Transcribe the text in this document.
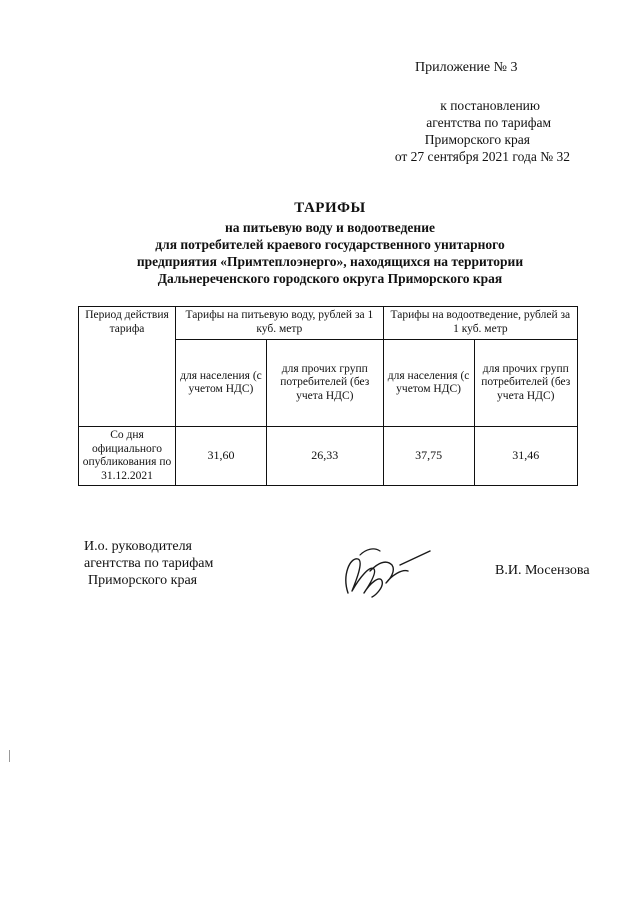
Приложение № 3
к постановлению
агентства по тарифам
Приморского края
от 27 сентября 2021 года № 32
ТАРИФЫ
на питьевую воду и водоотведение
для потребителей краевого государственного унитарного
предприятия «Примтеплоэнерго», находящихся на территории
Дальнереченского городского округа Приморского края
Период действия тарифа	Тарифы на питьевую воду, рублей за 1 куб. метр		Тарифы на водоотведение, рублей за 1 куб. метр	
	для населения (с учетом НДС)	для прочих групп потребителей (без учета НДС)	для населения (с учетом НДС)	для прочих групп потребителей (без учета НДС)
Со дня официального опубликования по 31.12.2021	31,60	26,33	37,75	31,46
И.о. руководителя
агентства по тарифам
Приморского края
В.И. Мосензова
